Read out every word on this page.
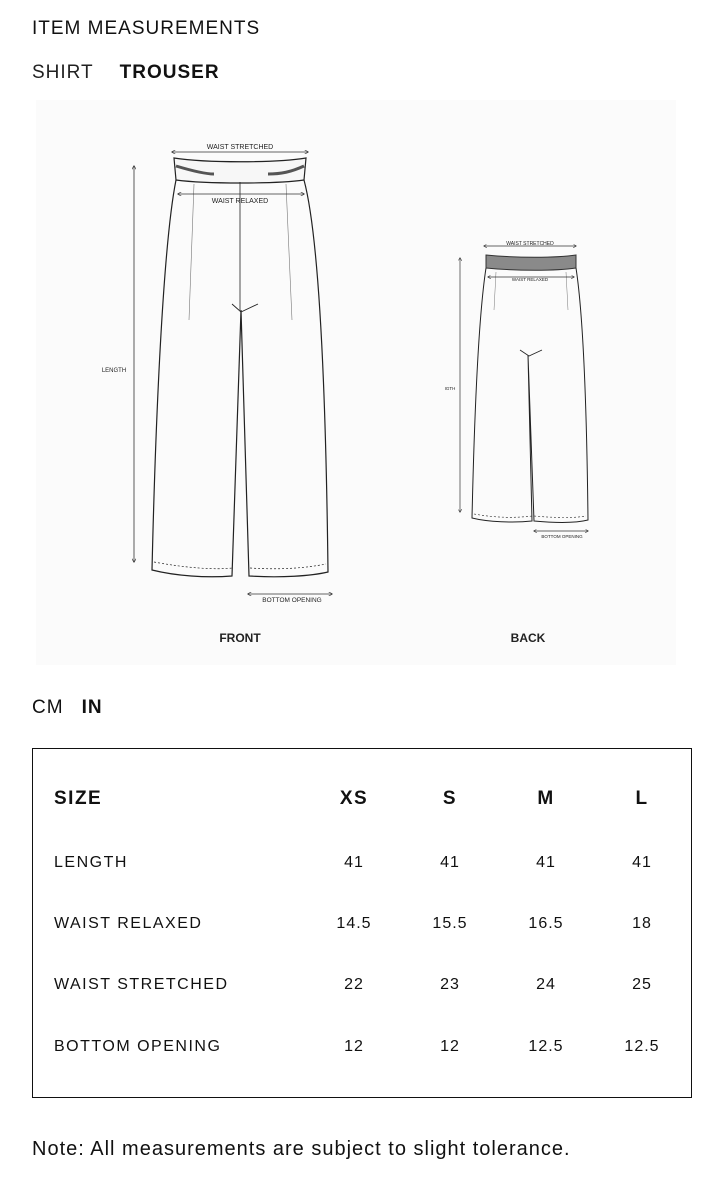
ITEM MEASUREMENTS
SHIRT TROUSER
WAIST STRETCHED
WAIST RELAXED
LENGTH
BOTTOM OPENING
FRONT
WAIST STRETCHED
WAIST RELAXED
IGTH
BOTTOM OPENING
BACK
CM IN
SIZE	XS	S	M	L
LENGTH	41	41	41	41
WAIST RELAXED	14.5	15.5	16.5	18
WAIST STRETCHED	22	23	24	25
BOTTOM OPENING	12	12	12.5	12.5
Note: All measurements are subject to slight tolerance.
